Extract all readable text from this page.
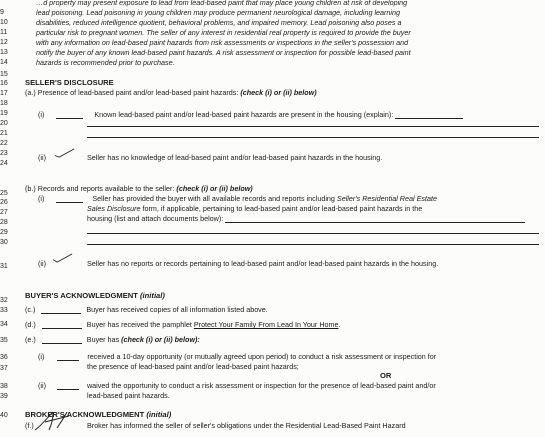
…d property may present exposure to lead from lead-based paint that may place young children at risk of developing
9	lead poisoning. Lead poisoning in young children may produce permanent neurological damage, including learning
10	disabilities, reduced intelligence quotient, behavioral problems, and impaired memory. Lead poisoning also poses a
11	particular risk to pregnant women. The seller of any interest in residential real property is required to provide the buyer
12	with any information on lead-based paint hazards from risk assessments or inspections in the seller's possession and
13	notify the buyer of any known lead-based paint hazards. A risk assessment or inspection for possible lead-based paint
14	hazards is recommended prior to purchase.
15
16
17
18
19
20
21
22
23
24
25
26
27
28
29
30
31
32
33
34
35
36
37
38
39
40
SELLER'S DISCLOSURE
(a.) Presence of lead-based paint and/or lead-based paint hazards: (check (i) or (ii) below)
(i)	Known lead-based paint and/or lead-based paint hazards are present in the housing (explain):
(ii)	Seller has no knowledge of lead-based paint and/or lead-based paint hazards in the housing.
(b.) Records and reports available to the seller: (check (i) or (ii) below)
(i)	Seller has provided the buyer with all available records and reports including Seller's Residential Real Estate
Sales Disclosure form, if applicable, pertaining to lead-based paint and/or lead-based paint hazards in the
housing (list and attach documents below):
(ii)	Seller has no reports or records pertaining to lead-based paint and/or lead-based paint hazards in the housing.
BUYER'S ACKNOWLEDGMENT (initial)
(c.)	Buyer has received copies of all information listed above.
(d.)	Buyer has received the pamphlet Protect Your Family From Lead In Your Home.
(e.)	Buyer has (check (i) or (ii) below):
(i)	received a 10-day opportunity (or mutually agreed upon period) to conduct a risk assessment or inspection for
the presence of lead-based paint and/or lead-based paint hazards;
OR
(ii)	waived the opportunity to conduct a risk assessment or inspection for the presence of lead-based paint and/or
lead-based paint hazards.
BROKER'S ACKNOWLEDGMENT (initial)
(f.)	Broker has informed the seller of seller's obligations under the Residential Lead-Based Paint Hazard
